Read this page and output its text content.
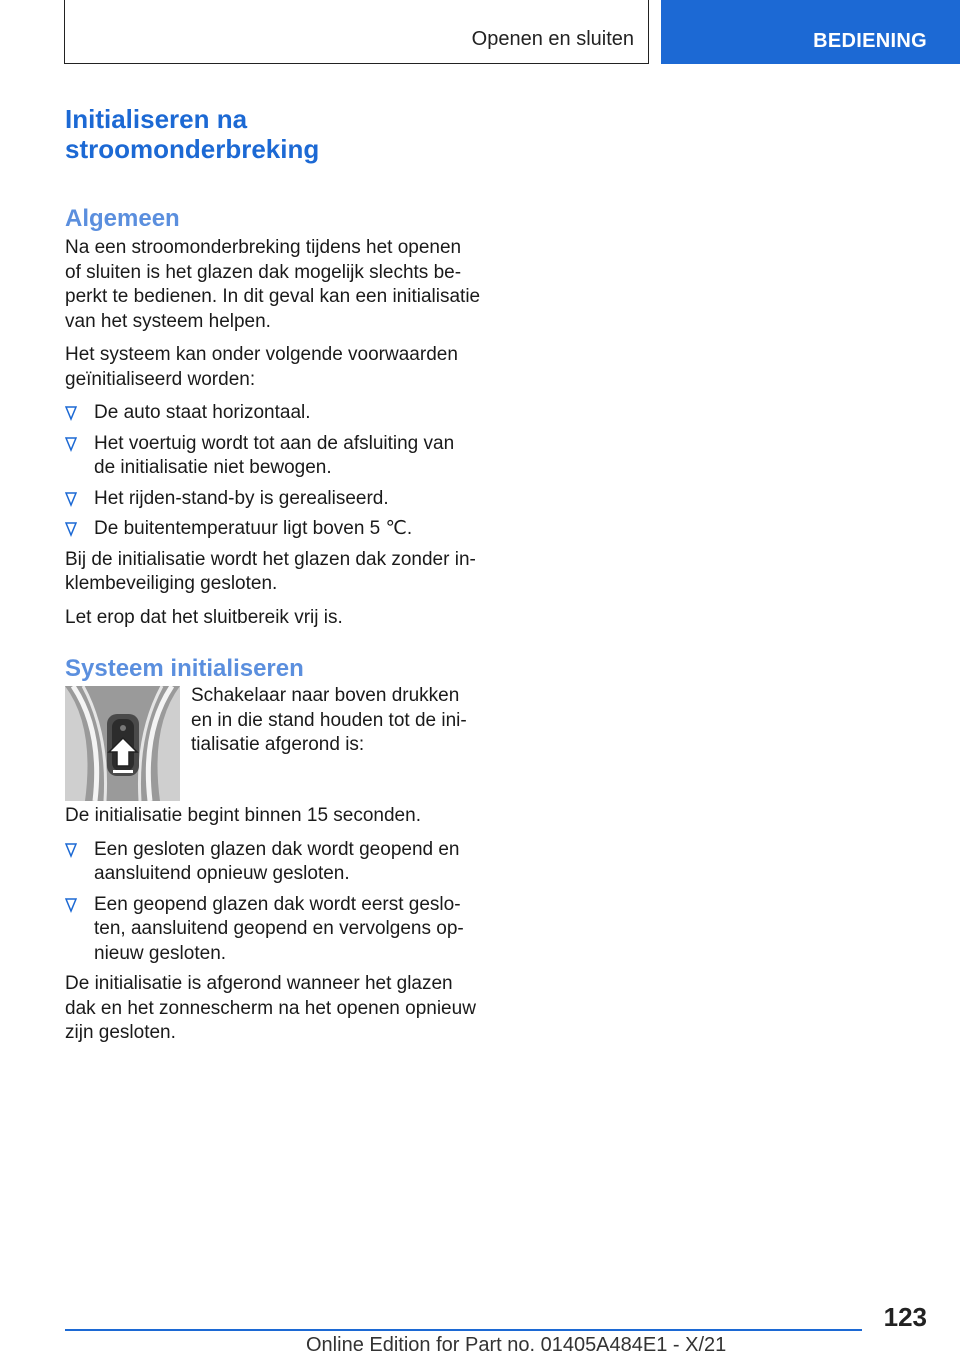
Openen en sluiten	BEDIENING
Initialiseren na
stroomonderbreking
Algemeen
Na een stroomonderbreking tijdens het openen
of sluiten is het glazen dak mogelijk slechts be-
perkt te bedienen. In dit geval kan een initialisatie
van het systeem helpen.
Het systeem kan onder volgende voorwaarden
geïnitialiseerd worden:
De auto staat horizontaal.
Het voertuig wordt tot aan de afsluiting van
de initialisatie niet bewogen.
Het rijden-stand-by is gerealiseerd.
De buitentemperatuur ligt boven 5 ℃.
Bij de initialisatie wordt het glazen dak zonder in-
klembeveiliging gesloten.
Let erop dat het sluitbereik vrij is.
Systeem initialiseren
Schakelaar naar boven drukken
en in die stand houden tot de ini-
tialisatie afgerond is:
De initialisatie begint binnen 15 seconden.
Een gesloten glazen dak wordt geopend en
aansluitend opnieuw gesloten.
Een geopend glazen dak wordt eerst geslo-
ten, aansluitend geopend en vervolgens op-
nieuw gesloten.
De initialisatie is afgerond wanneer het glazen
dak en het zonnescherm na het openen opnieuw
zijn gesloten.
123
Online Edition for Part no. 01405A484E1 - X/21
